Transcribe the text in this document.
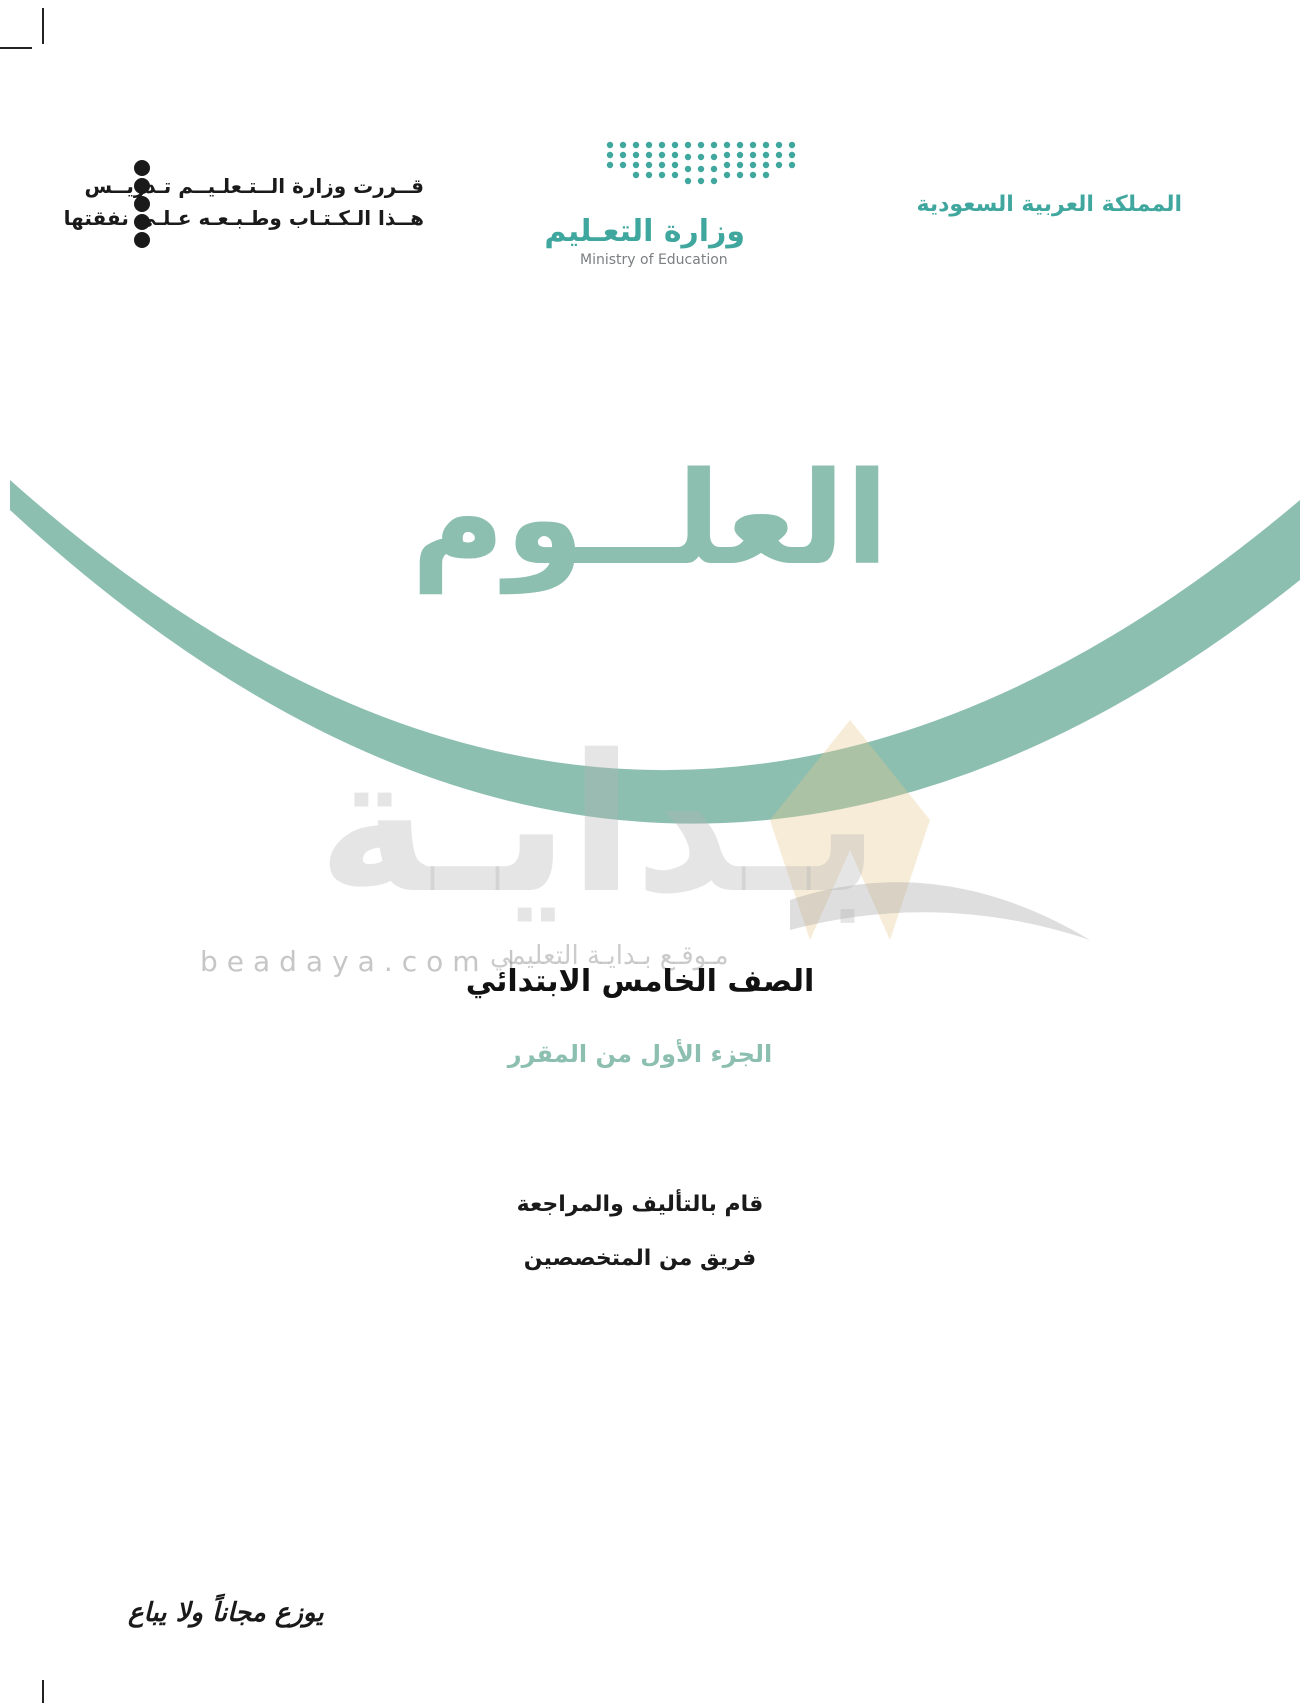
قــررت وزارة الــتـعلـيــم تـدريــس
هــذا الـكـتـاب وطـبـعـه عـلـى نفقتها	وزارة التعـليم
Ministry of Education
المملكة العربية السعودية
العلــوم
بـدايـة
beadaya.com |
مـوقـع بـدايـة التعليمي
الصف الخامس الابتدائي
الجزء الأول من المقرر
قام بالتأليف والمراجعة
فريق من المتخصصين
يوزع مجاناً ولا يباع
